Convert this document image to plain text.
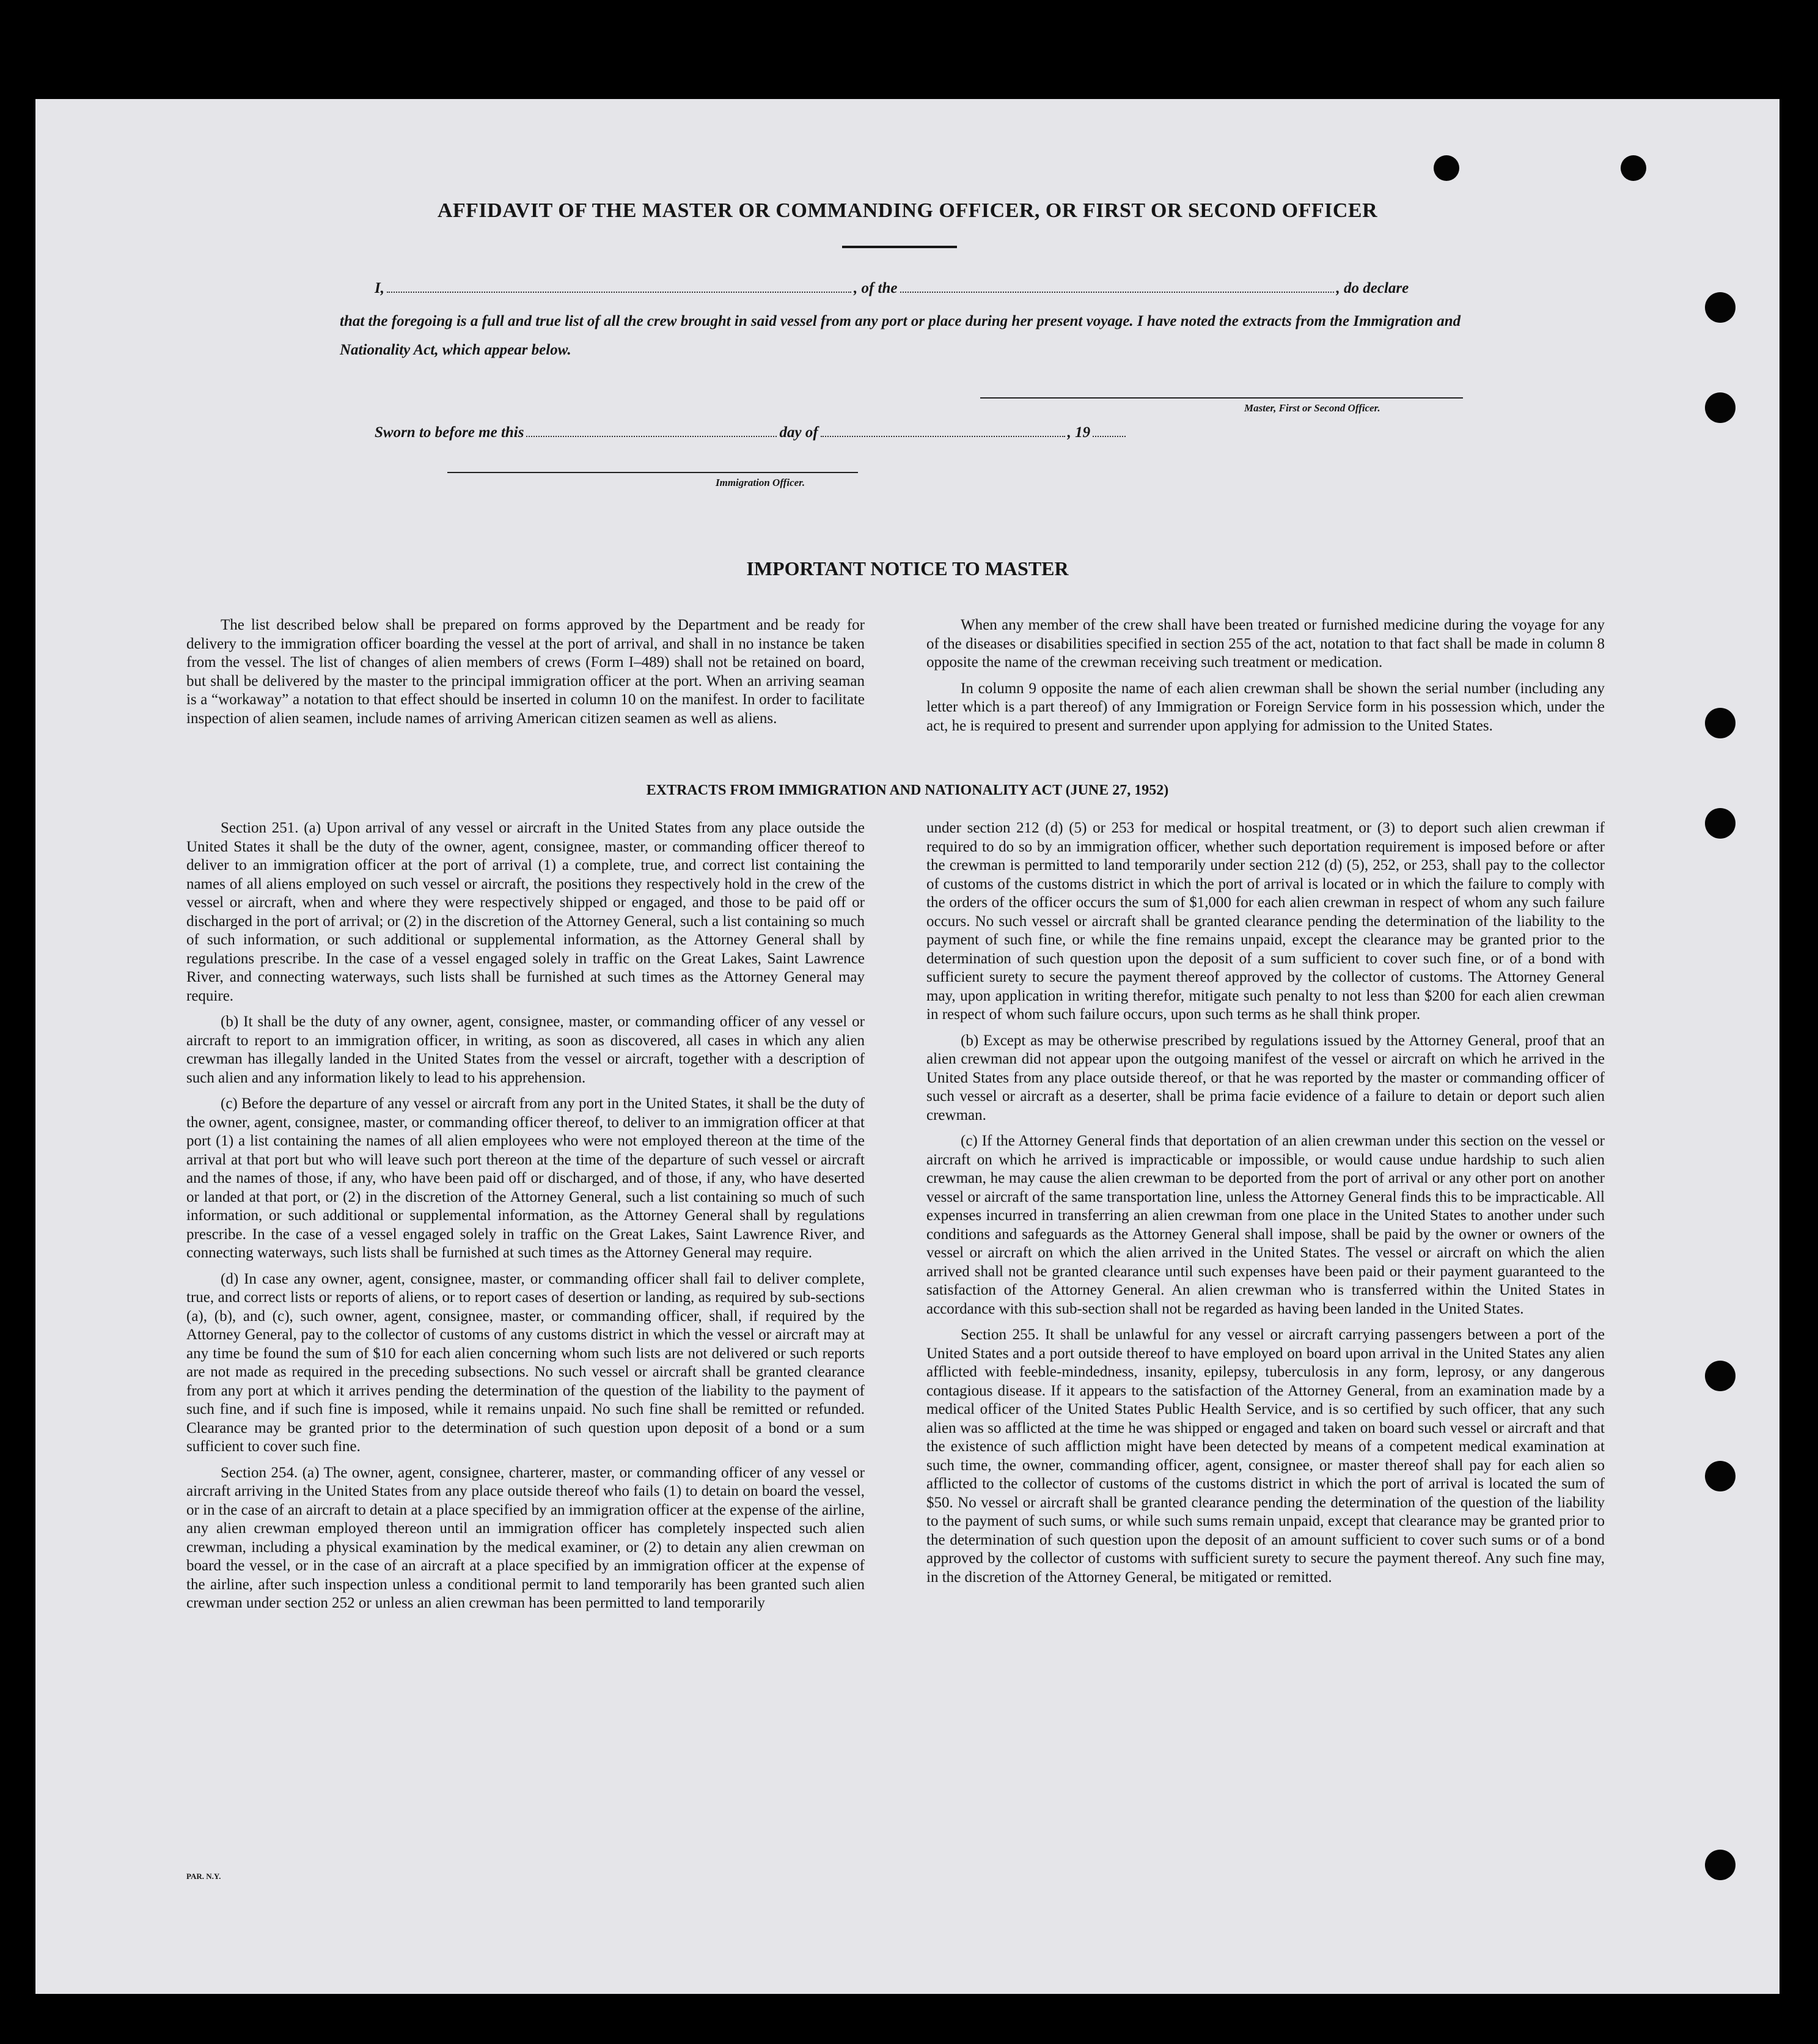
AFFIDAVIT OF THE MASTER OR COMMANDING OFFICER, OR FIRST OR SECOND OFFICER
I,	, of the	, do declare

that the foregoing is a full and true list of all the crew brought in said vessel from any port or place during her present voyage. I have noted the extracts from the Immigration and Nationality Act, which appear below.

Master, First or Second Officer.
Sworn to before me this	day of	, 19
Immigration Officer.
IMPORTANT NOTICE TO MASTER

The list described below shall be prepared on forms approved by the Department and be ready for delivery to the immigration officer boarding the vessel at the port of arrival, and shall in no instance be taken from the vessel. The list of changes of alien members of crews (Form I–489) shall not be retained on board, but shall be delivered by the master to the principal immigration officer at the port. When an arriving seaman is a “workaway” a notation to that effect should be inserted in column 10 on the manifest. In order to facilitate inspection of alien seamen, include names of arriving American citizen seamen as well as aliens.

When any member of the crew shall have been treated or furnished medicine during the voyage for any of the diseases or disabilities specified in section 255 of the act, notation to that fact shall be made in column 8 opposite the name of the crewman receiving such treatment or medication.

In column 9 opposite the name of each alien crewman shall be shown the serial number (including any letter which is a part thereof) of any Immigration or Foreign Service form in his possession which, under the act, he is required to present and surrender upon applying for admission to the United States.

EXTRACTS FROM IMMIGRATION AND NATIONALITY ACT (JUNE 27, 1952)

Section 251. (a) Upon arrival of any vessel or aircraft in the United States from any place outside the United States it shall be the duty of the owner, agent, consignee, master, or commanding officer thereof to deliver to an immigration officer at the port of arrival (1) a complete, true, and correct list containing the names of all aliens employed on such vessel or aircraft, the positions they respectively hold in the crew of the vessel or aircraft, when and where they were respectively shipped or engaged, and those to be paid off or discharged in the port of arrival; or (2) in the discretion of the Attorney General, such a list containing so much of such information, or such additional or supplemental information, as the Attorney General shall by regulations prescribe. In the case of a vessel engaged solely in traffic on the Great Lakes, Saint Lawrence River, and connecting waterways, such lists shall be furnished at such times as the Attorney General may require.

(b) It shall be the duty of any owner, agent, consignee, master, or commanding officer of any vessel or aircraft to report to an immigration officer, in writing, as soon as discovered, all cases in which any alien crewman has illegally landed in the United States from the vessel or aircraft, together with a description of such alien and any information likely to lead to his apprehension.

(c) Before the departure of any vessel or aircraft from any port in the United States, it shall be the duty of the owner, agent, consignee, master, or commanding officer thereof, to deliver to an immigration officer at that port (1) a list containing the names of all alien employees who were not employed thereon at the time of the arrival at that port but who will leave such port thereon at the time of the departure of such vessel or aircraft and the names of those, if any, who have been paid off or discharged, and of those, if any, who have deserted or landed at that port, or (2) in the discretion of the Attorney General, such a list containing so much of such information, or such additional or supplemental information, as the Attorney General shall by regulations prescribe. In the case of a vessel engaged solely in traffic on the Great Lakes, Saint Lawrence River, and connecting waterways, such lists shall be furnished at such times as the Attorney General may require.

(d) In case any owner, agent, consignee, master, or commanding officer shall fail to deliver complete, true, and correct lists or reports of aliens, or to report cases of desertion or landing, as required by sub-sections (a), (b), and (c), such owner, agent, consignee, master, or commanding officer, shall, if required by the Attorney General, pay to the collector of customs of any customs district in which the vessel or aircraft may at any time be found the sum of $10 for each alien concerning whom such lists are not delivered or such reports are not made as required in the preceding subsections. No such vessel or aircraft shall be granted clearance from any port at which it arrives pending the determination of the question of the liability to the payment of such fine, and if such fine is imposed, while it remains unpaid. No such fine shall be remitted or refunded. Clearance may be granted prior to the determination of such question upon deposit of a bond or a sum sufficient to cover such fine.

Section 254. (a) The owner, agent, consignee, charterer, master, or commanding officer of any vessel or aircraft arriving in the United States from any place outside thereof who fails (1) to detain on board the vessel, or in the case of an aircraft to detain at a place specified by an immigration officer at the expense of the airline, any alien crewman employed thereon until an immigration officer has completely inspected such alien crewman, including a physical examination by the medical examiner, or (2) to detain any alien crewman on board the vessel, or in the case of an aircraft at a place specified by an immigration officer at the expense of the airline, after such inspection unless a conditional permit to land temporarily has been granted such alien crewman under section 252 or unless an alien crewman has been permitted to land temporarily

under section 212 (d) (5) or 253 for medical or hospital treatment, or (3) to deport such alien crewman if required to do so by an immigration officer, whether such deportation requirement is imposed before or after the crewman is permitted to land temporarily under section 212 (d) (5), 252, or 253, shall pay to the collector of customs of the customs district in which the port of arrival is located or in which the failure to comply with the orders of the officer occurs the sum of $1,000 for each alien crewman in respect of whom any such failure occurs. No such vessel or aircraft shall be granted clearance pending the determination of the liability to the payment of such fine, or while the fine remains unpaid, except the clearance may be granted prior to the determination of such question upon the deposit of a sum sufficient to cover such fine, or of a bond with sufficient surety to secure the payment thereof approved by the collector of customs. The Attorney General may, upon application in writing therefor, mitigate such penalty to not less than $200 for each alien crewman in respect of whom such failure occurs, upon such terms as he shall think proper.

(b) Except as may be otherwise prescribed by regulations issued by the Attorney General, proof that an alien crewman did not appear upon the outgoing manifest of the vessel or aircraft on which he arrived in the United States from any place outside thereof, or that he was reported by the master or commanding officer of such vessel or aircraft as a deserter, shall be prima facie evidence of a failure to detain or deport such alien crewman.

(c) If the Attorney General finds that deportation of an alien crewman under this section on the vessel or aircraft on which he arrived is impracticable or impossible, or would cause undue hardship to such alien crewman, he may cause the alien crewman to be deported from the port of arrival or any other port on another vessel or aircraft of the same transportation line, unless the Attorney General finds this to be impracticable. All expenses incurred in transferring an alien crewman from one place in the United States to another under such conditions and safeguards as the Attorney General shall impose, shall be paid by the owner or owners of the vessel or aircraft on which the alien arrived in the United States. The vessel or aircraft on which the alien arrived shall not be granted clearance until such expenses have been paid or their payment guaranteed to the satisfaction of the Attorney General. An alien crewman who is transferred within the United States in accordance with this sub-section shall not be regarded as having been landed in the United States.

Section 255. It shall be unlawful for any vessel or aircraft carrying passengers between a port of the United States and a port outside thereof to have employed on board upon arrival in the United States any alien afflicted with feeble-mindedness, insanity, epilepsy, tuberculosis in any form, leprosy, or any dangerous contagious disease. If it appears to the satisfaction of the Attorney General, from an examination made by a medical officer of the United States Public Health Service, and is so certified by such officer, that any such alien was so afflicted at the time he was shipped or engaged and taken on board such vessel or aircraft and that the existence of such affliction might have been detected by means of a competent medical examination at such time, the owner, commanding officer, agent, consignee, or master thereof shall pay for each alien so afflicted to the collector of customs of the customs district in which the port of arrival is located the sum of $50. No vessel or aircraft shall be granted clearance pending the determination of the question of the liability to the payment of such sums, or while such sums remain unpaid, except that clearance may be granted prior to the determination of such question upon the deposit of an amount sufficient to cover such sums or of a bond approved by the collector of customs with sufficient surety to secure the payment thereof. Any such fine may, in the discretion of the Attorney General, be mitigated or remitted.

PAR. N.Y.
